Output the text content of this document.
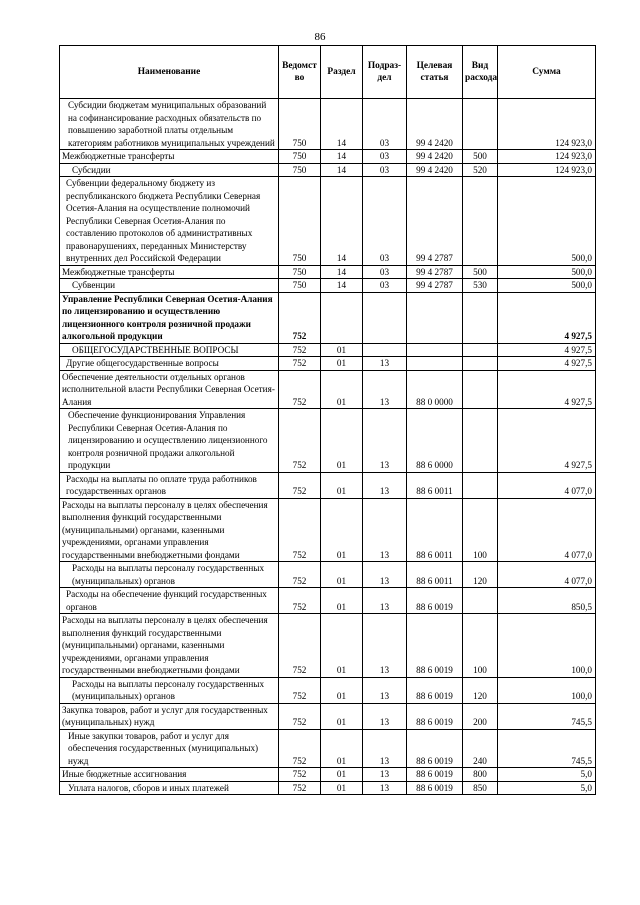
86
Наименование	Ведомст во	Раздел	Подраз- дел	Целевая статья	Вид расхода	Сумма
Субсидии бюджетам муниципальных образований на софинансирование расходных обязательств по повышению заработной платы отдельным категориям работников муниципальных учреждений	750	14	03	99 4 2420		124 923,0
Межбюджетные трансферты	750	14	03	99 4 2420	500	124 923,0
Субсидии	750	14	03	99 4 2420	520	124 923,0
Субвенции федеральному бюджету из республиканского бюджета Республики Северная Осетия-Алания на осуществление полномочий Республики Северная Осетия-Алания по составлению протоколов об административных правонарушениях, переданных Министерству внутренних дел Российской Федерации	750	14	03	99 4 2787		500,0
Межбюджетные трансферты	750	14	03	99 4 2787	500	500,0
Субвенции	750	14	03	99 4 2787	530	500,0
Управление Республики Северная Осетия-Алания по лицензированию и осуществлению лицензионного контроля розничной продажи алкогольной продукции	752					4 927,5
ОБЩЕГОСУДАРСТВЕННЫЕ ВОПРОСЫ	752	01				4 927,5
Другие общегосударственные вопросы	752	01	13			4 927,5
Обеспечение деятельности отдельных органов исполнительной власти Республики Северная Осетия-Алания	752	01	13	88 0 0000		4 927,5
Обеспечение функционирования Управления Республики Северная Осетия-Алания по лицензированию и осуществлению лицензионного контроля розничной продажи алкогольной продукции	752	01	13	88 6 0000		4 927,5
Расходы на выплаты по оплате труда работников государственных органов	752	01	13	88 6 0011		4 077,0
Расходы на выплаты персоналу в целях обеспечения выполнения функций государственными (муниципальными) органами, казенными учреждениями, органами управления государственными внебюджетными фондами	752	01	13	88 6 0011	100	4 077,0
Расходы на выплаты персоналу государственных (муниципальных) органов	752	01	13	88 6 0011	120	4 077,0
Расходы на обеспечение функций государственных органов	752	01	13	88 6 0019		850,5
Расходы на выплаты персоналу в целях обеспечения выполнения функций государственными (муниципальными) органами, казенными учреждениями, органами управления государственными внебюджетными фондами	752	01	13	88 6 0019	100	100,0
Расходы на выплаты персоналу государственных (муниципальных) органов	752	01	13	88 6 0019	120	100,0
Закупка товаров, работ и услуг для государственных (муниципальных) нужд	752	01	13	88 6 0019	200	745,5
Иные закупки товаров, работ и услуг для обеспечения государственных (муниципальных) нужд	752	01	13	88 6 0019	240	745,5
Иные бюджетные ассигнования	752	01	13	88 6 0019	800	5,0
Уплата налогов, сборов и иных платежей	752	01	13	88 6 0019	850	5,0
